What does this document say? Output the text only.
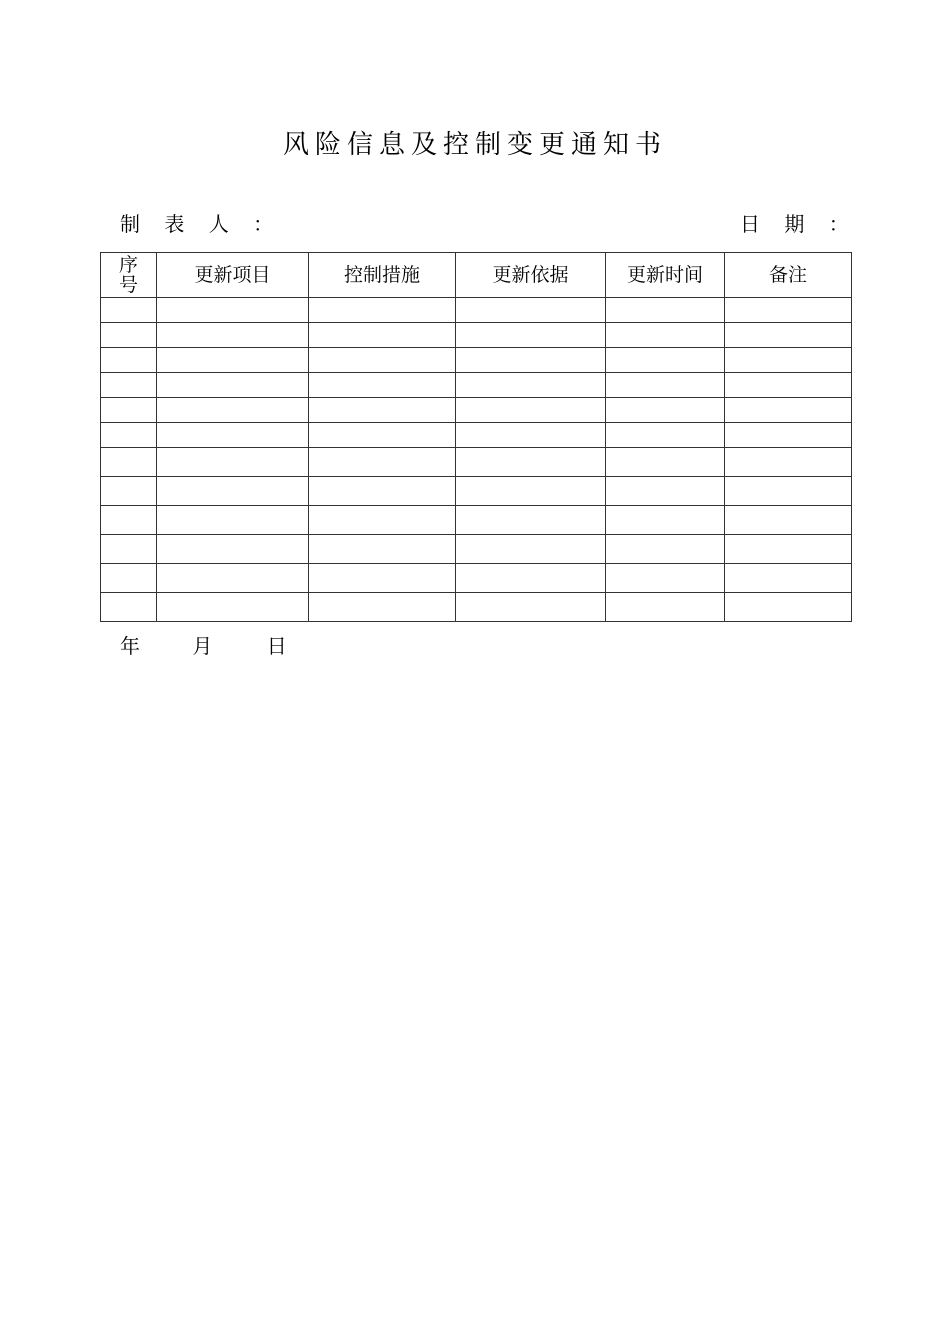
风险信息及控制变更通知书
制 表 人 ：	日 期 ：
序
号	更新项目	控制措施	更新依据	更新时间	备注

年	月	日
